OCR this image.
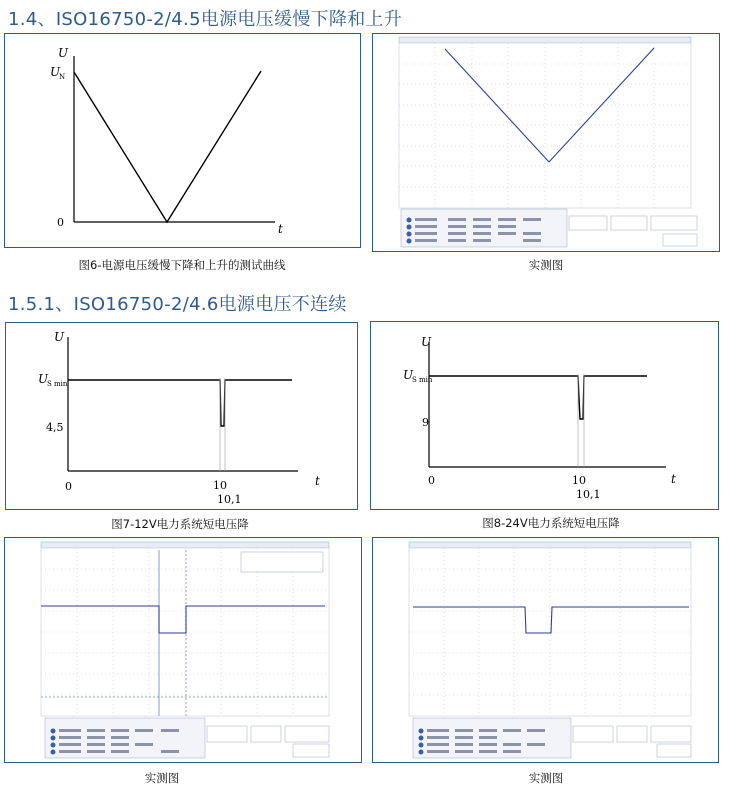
1.4、ISO16750-2/4.5电源电压缓慢下降和上升
U
U
N
0	t
图6-电源电压缓慢下降和上升的测试曲线	实测图
1.5.1、ISO16750-2/4.6电源电压不连续
U
U
S min
4,5
0	10
10,1
t
U
U
S min
9
0	10
10,1
t
图7-12V电力系统短电压降	图8-24V电力系统短电压降
实测图	实测图
